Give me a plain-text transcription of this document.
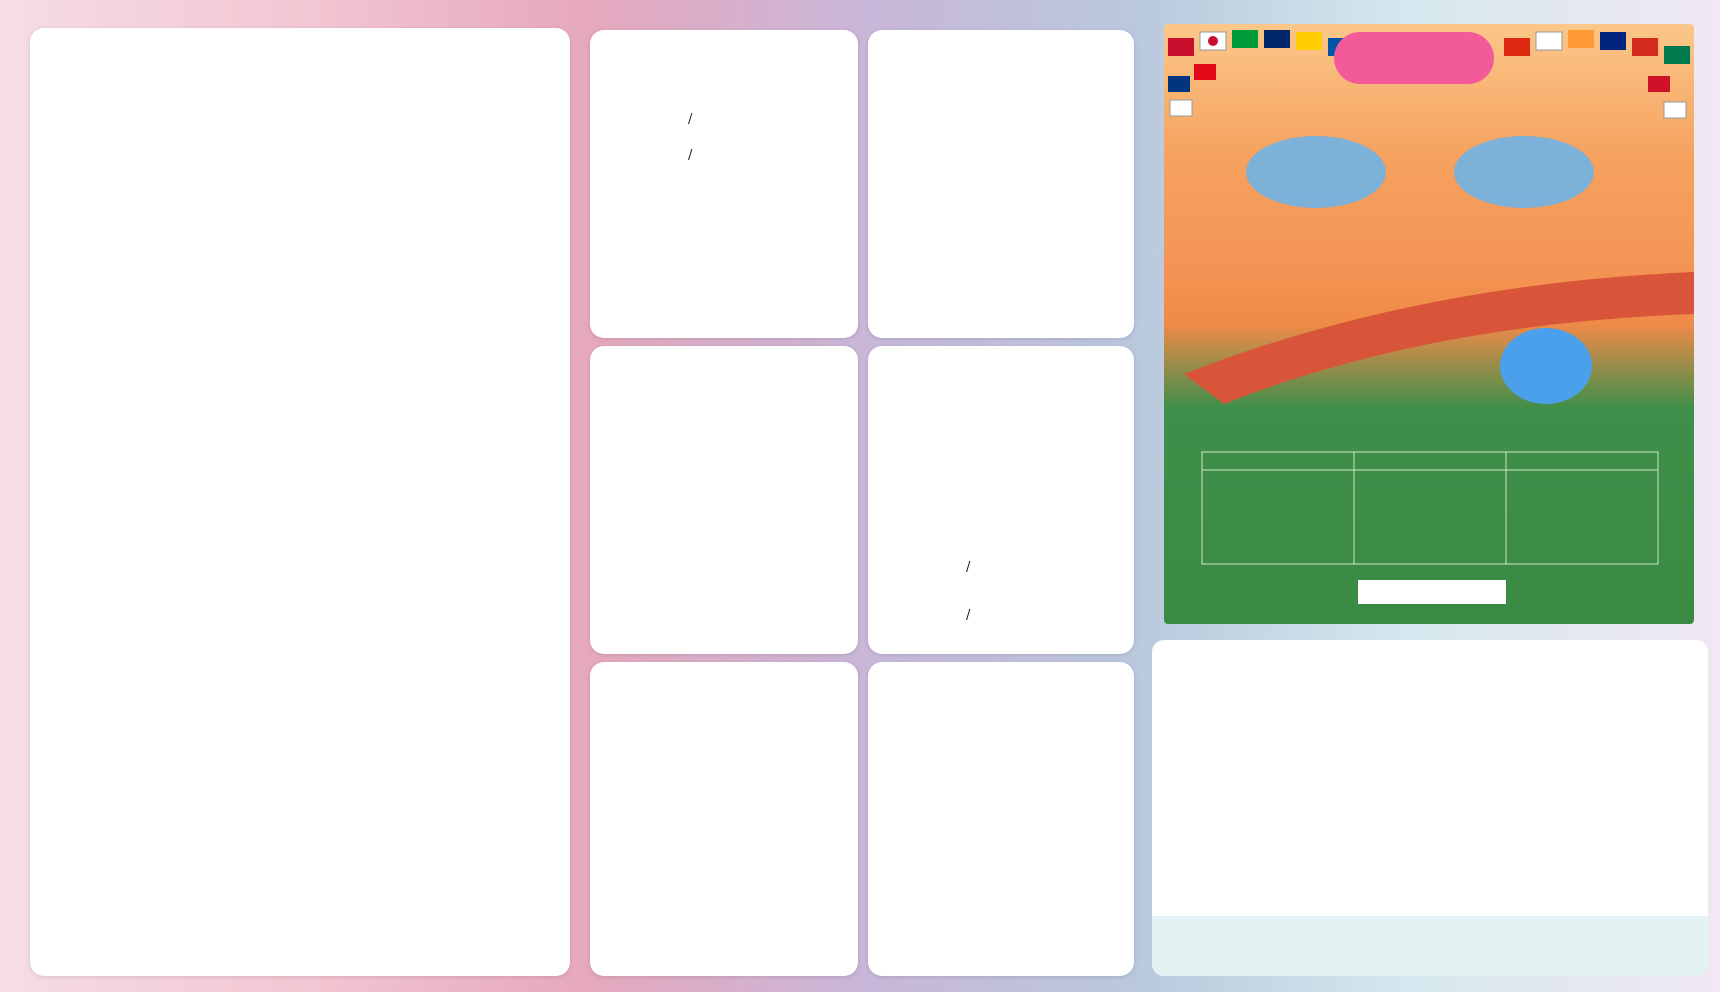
/
/
/
/
